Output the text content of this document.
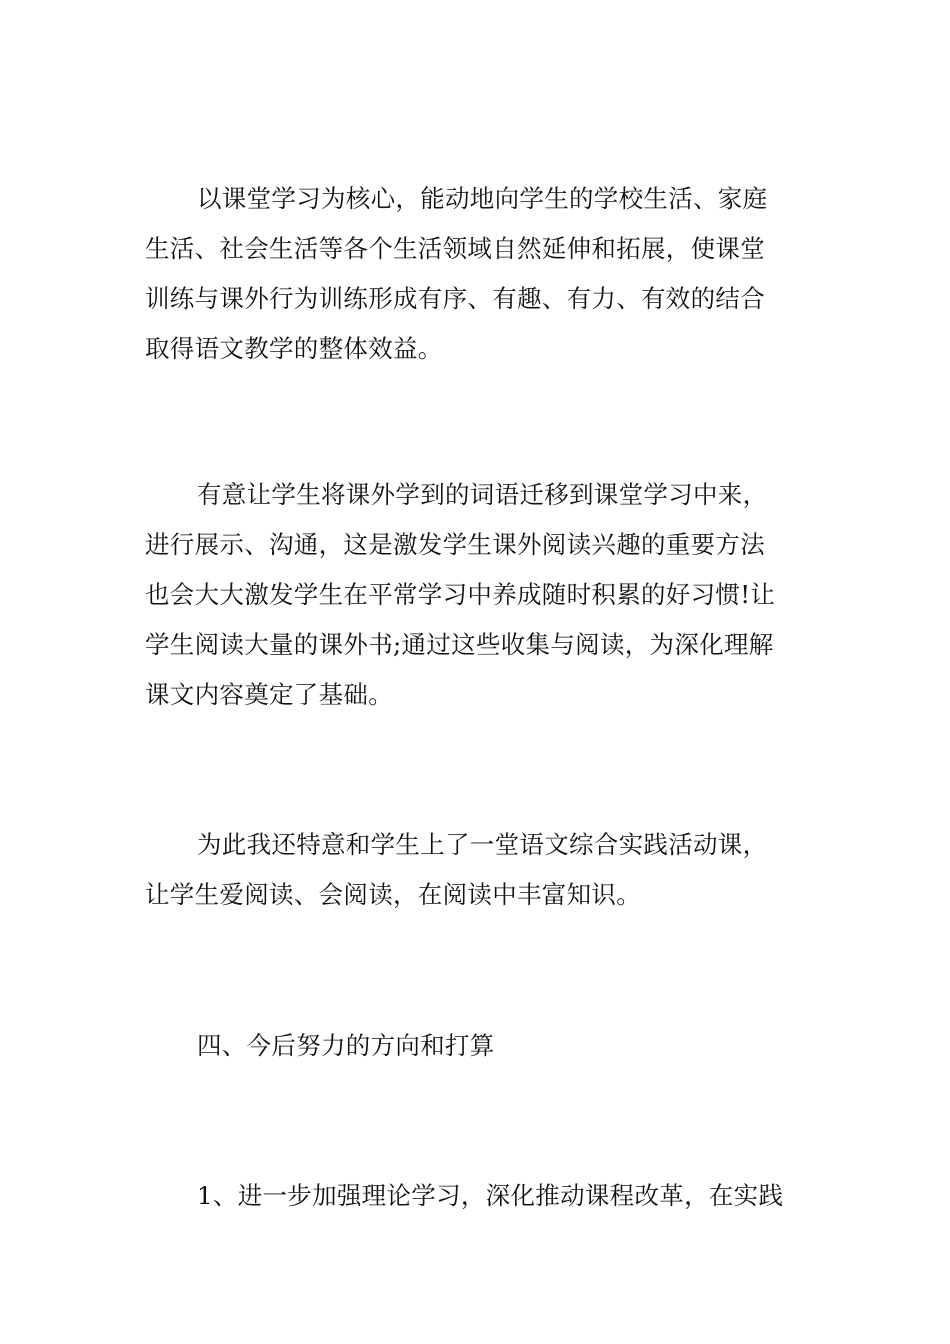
以课堂学习为核心，能动地向学生的学校生活、家庭
生活、社会生活等各个生活领域自然延伸和拓展，使课堂
训练与课外行为训练形成有序、有趣、有力、有效的结合
取得语文教学的整体效益。
有意让学生将课外学到的词语迁移到课堂学习中来，
进行展示、沟通，这是激发学生课外阅读兴趣的重要方法
也会大大激发学生在平常学习中养成随时积累的好习惯!让
学生阅读大量的课外书;通过这些收集与阅读，为深化理解
课文内容奠定了基础。
为此我还特意和学生上了一堂语文综合实践活动课，
让学生爱阅读、会阅读，在阅读中丰富知识。
四、今后努力的方向和打算
1、进一步加强理论学习，深化推动课程改革，在实践
